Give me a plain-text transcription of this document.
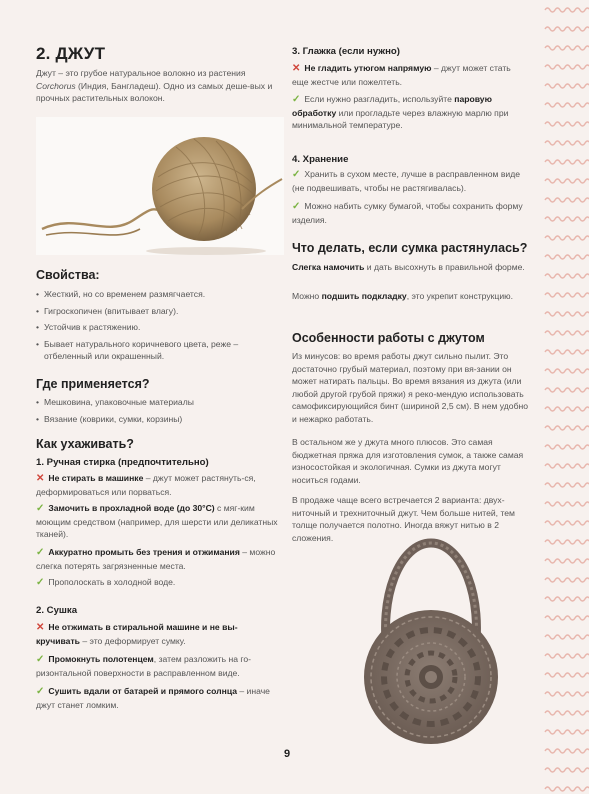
2. ДЖУТ

Джут – это грубое натуральное волокно из растения Corchorus (Индия, Бангладеш). Одно из самых деше-вых и прочных растительных волокон.

Свойства:
• Жесткий, но со временем размягчается.
• Гигроскопичен (впитывает влагу).
• Устойчив к растяжению.
• Бывает натурального коричневого цвета, реже – отбеленный или окрашенный.
Где применяется?
• Мешковина, упаковочные материалы
• Вязание (коврики, сумки, корзины)
Как ухаживать?
1. Ручная стирка (предпочтительно)
✕ Не стирать в машинке – джут может растянуть-ся, деформироваться или порваться.
✓ Замочить в прохладной воде (до 30°C) с мяг-ким моющим средством (например, для шерсти или деликатных тканей).
✓ Аккуратно промыть без трения и отжимания – можно слегка потерять загрязненные места.
✓ Прополоскать в холодной воде.
2. Сушка
✕ Не отжимать в стиральной машине и не вы-кручивать – это деформирует сумку.
✓ Промокнуть полотенцем, затем разложить на го-ризонтальной поверхности в расправленном виде.
✓ Сушить вдали от батарей и прямого солнца – иначе джут станет ломким.
3. Глажка (если нужно)
✕ Не гладить утюгом напрямую – джут может стать еще жестче или пожелтеть.
✓ Если нужно разгладить, используйте паровую обработку или прогладьте через влажную марлю при минимальной температуре.
4. Хранение
✓ Хранить в сухом месте, лучше в расправленном виде (не подвешивать, чтобы не растягивалась).
✓ Можно набить сумку бумагой, чтобы сохранить форму изделия.
Что делать, если сумка растянулась?

Слегка намочить и дать высохнуть в правильной форме.

Можно подшить подкладку, это укрепит конструкцию.

Особенности работы с джутом

Из минусов: во время работы джут сильно пылит. Это достаточно грубый материал, поэтому при вя-зании он может натирать пальцы. Во время вязания из джута (или любой другой грубой пряжи) я реко-мендую использовать самофиксирующийся бинт (шириной 2,5 см). В нем удобно и нежарко работать.

В остальном же у джута много плюсов. Это самая бюджетная пряжа для изготовления сумок, а также самая износостойкая и экологичная. Сумки из джута могут носиться годами.

В продаже чаще всего встречается 2 варианта: двух-ниточный и трехниточный джут. Чем больше нитей, тем толще получается полотно. Иногда вяжут нитью в 2 сложения.

9
